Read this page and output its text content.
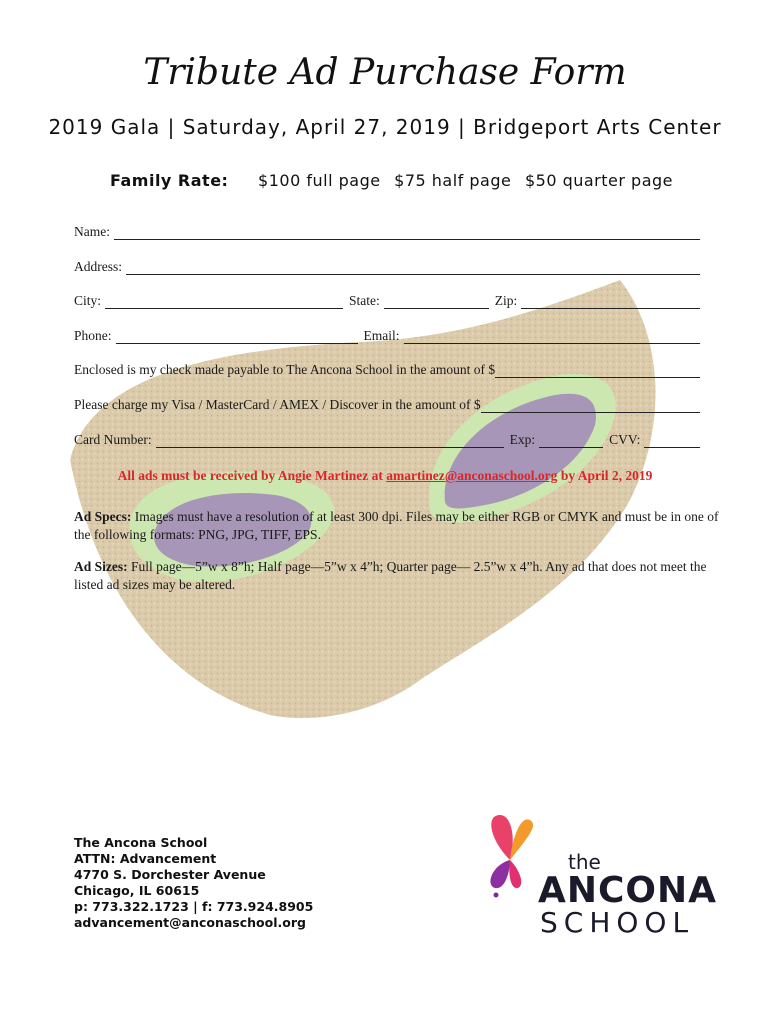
Tribute Ad Purchase Form
2019 Gala | Saturday, April 27, 2019 | Bridgeport Arts Center
Family Rate: $100 full page $75 half page $50 quarter page
Name:
Address:
City:	State:	Zip:
Phone:	Email:
Enclosed is my check made payable to The Ancona School in the amount of $
Please charge my Visa / MasterCard / AMEX / Discover in the amount of $
Card Number:	Exp:	CVV:
All ads must be received by Angie Martinez at amartinez@anconaschool.org by April 2, 2019
Ad Specs: Images must have a resolution of at least 300 dpi. Files may be either RGB or CMYK and must be in one of the following formats: PNG, JPG, TIFF, EPS.
Ad Sizes: Full page—5”w x 8”h; Half page—5”w x 4”h; Quarter page— 2.5”w x 4”h. Any ad that does not meet the listed ad sizes may be altered.
The Ancona School
ATTN: Advancement
4770 S. Dorchester Avenue
Chicago, IL 60615
p: 773.322.1723 | f: 773.924.8905
advancement@anconaschool.org
the
ANCONA
SCHOOL
